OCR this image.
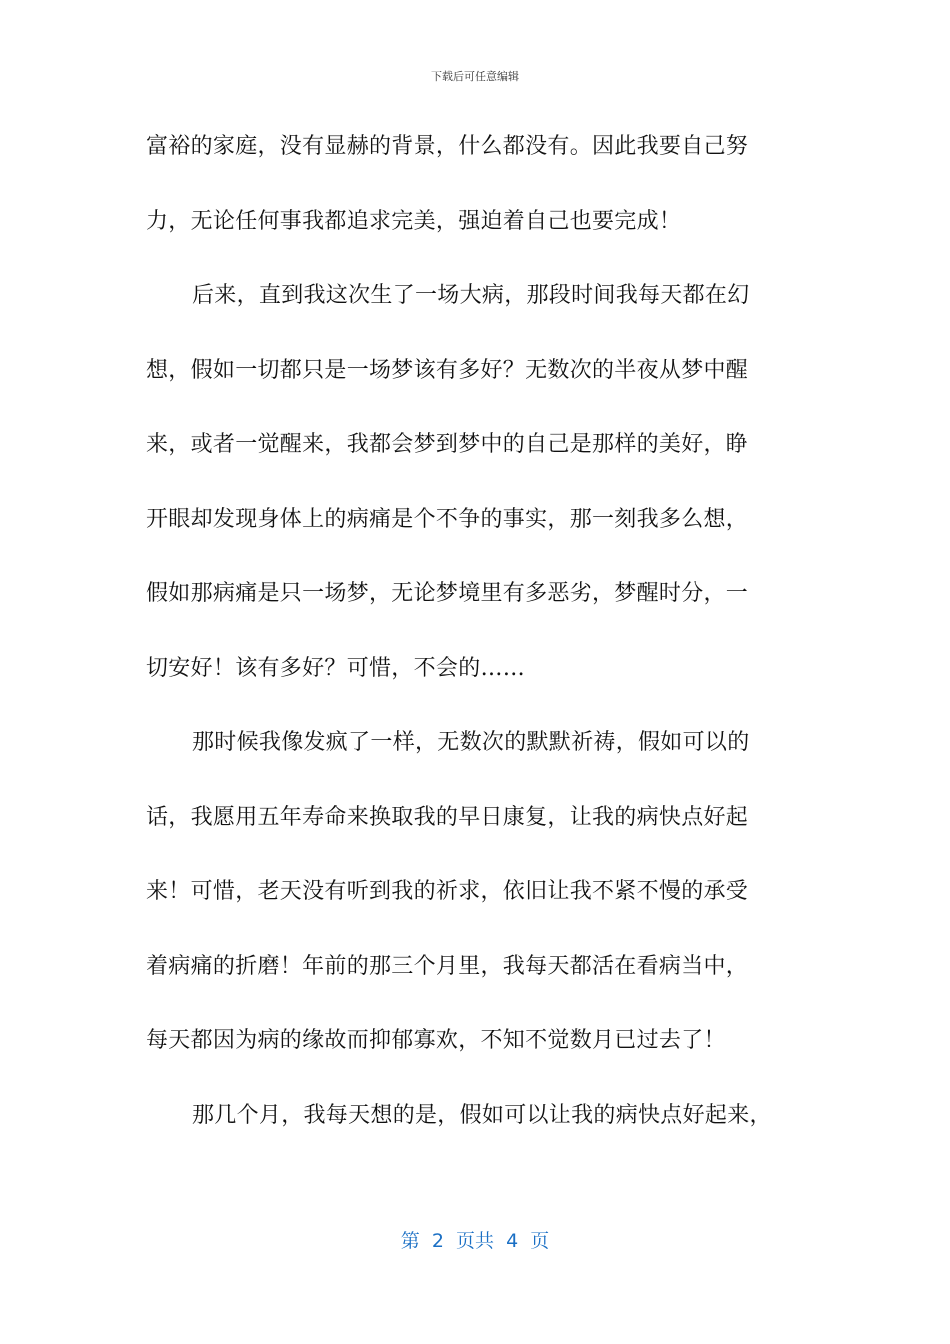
下载后可任意编辑
富裕的家庭，没有显赫的背景，什么都没有。因此我要自己努
力，无论任何事我都追求完美，强迫着自己也要完成！
后来，直到我这次生了一场大病，那段时间我每天都在幻
想，假如一切都只是一场梦该有多好？无数次的半夜从梦中醒
来，或者一觉醒来，我都会梦到梦中的自己是那样的美好，睁
开眼却发现身体上的病痛是个不争的事实，那一刻我多么想，
假如那病痛是只一场梦，无论梦境里有多恶劣，梦醒时分，一
切安好！该有多好？可惜，不会的……
那时候我像发疯了一样，无数次的默默祈祷，假如可以的
话，我愿用五年寿命来换取我的早日康复，让我的病快点好起
来！可惜，老天没有听到我的祈求，依旧让我不紧不慢的承受
着病痛的折磨！年前的那三个月里，我每天都活在看病当中，
每天都因为病的缘故而抑郁寡欢，不知不觉数月已过去了！
那几个月，我每天想的是，假如可以让我的病快点好起来，
第  2  页共  4  页
